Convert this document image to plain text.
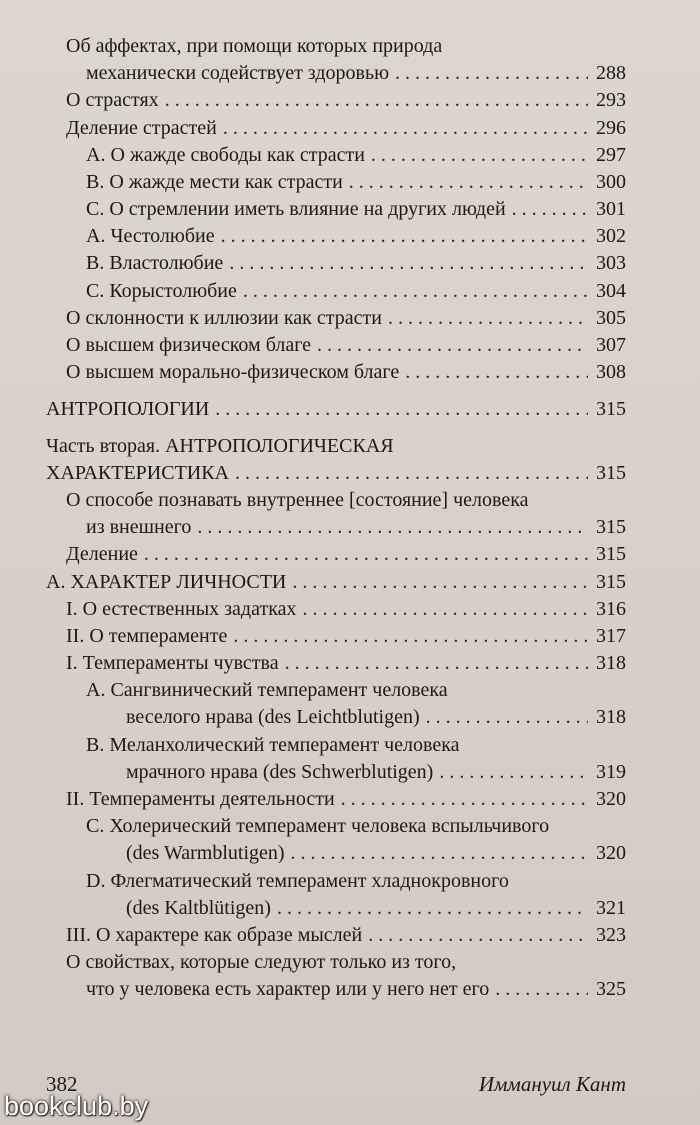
Об аффектах, при помощи которых природа
механически содействует здоровью . . .	288
О страстях . . .	293
Деление страстей . . .	296
А. О жажде свободы как страсти . . .	297
В. О жажде мести как страсти . . .	300
С. О стремлении иметь влияние на других людей . . .	301
А. Честолюбие . . .	302
В. Властолюбие . . .	303
С. Корыстолюбие . . .	304
О склонности к иллюзии как страсти . . .	305
О высшем физическом благе . . .	307
О высшем морально-физическом благе . . .	308
АНТРОПОЛОГИИ . . .	315
Часть вторая. АНТРОПОЛОГИЧЕСКАЯ
ХАРАКТЕРИСТИКА . . .	315
О способе познавать внутреннее [состояние] человека
из внешнего . . .	315
Деление . . .	315
А. ХАРАКТЕР ЛИЧНОСТИ . . .	315
I. О естественных задатках . . .	316
II. О темпераменте . . .	317
I. Темпераменты чувства . . .	318
А. Сангвинический темперамент человека
веселого нрава (des Leichtblutigen) . . .	318
В. Меланхолический темперамент человека
мрачного нрава (des Schwerblutigen) . . .	319
II. Темпераменты деятельности . . .	320
С. Холерический темперамент человека вспыльчивого
(des Warmblutigen) . . .	320
D. Флегматический темперамент хладнокровного
(des Kaltblütigen) . . .	321
III. О характере как образе мыслей . . .	323
О свойствах, которые следуют только из того,
что у человека есть характер или у него нет его . . .	325
382	Иммануил Кант
bookclub.by
